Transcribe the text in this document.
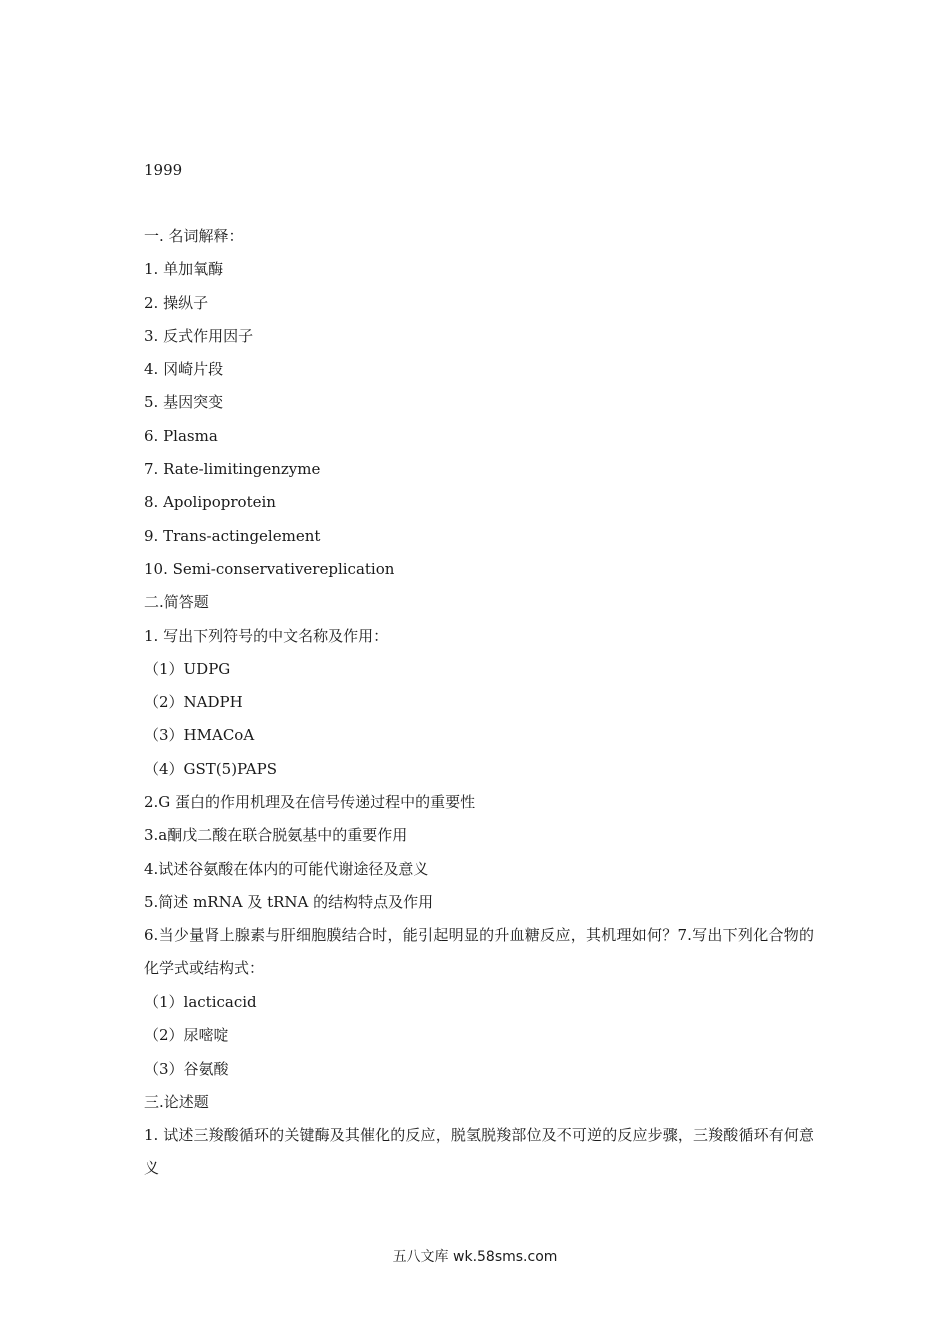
1999
一. 名词解释：
1. 单加氧酶
2. 操纵子
3. 反式作用因子
4. 冈崎片段
5. 基因突变
6. Plasma
7. Rate-limitingenzyme
8. Apolipoprotein
9. Trans-actingelement
10. Semi-conservativereplication
二.简答题
1. 写出下列符号的中文名称及作用：
（1）UDPG
（2）NADPH
（3）HMACoA
（4）GST(5)PAPS
2.G 蛋白的作用机理及在信号传递过程中的重要性
3.a酮戊二酸在联合脱氨基中的重要作用
4.试述谷氨酸在体内的可能代谢途径及意义
5.简述 mRNA 及 tRNA 的结构特点及作用
6.当少量肾上腺素与肝细胞膜结合时，能引起明显的升血糖反应，其机理如何？7.写出下列化合物的化学式或结构式：
（1）lacticacid
（2）尿嘧啶
（3）谷氨酸
三.论述题
1. 试述三羧酸循环的关键酶及其催化的反应，脱氢脱羧部位及不可逆的反应步骤，三羧酸循环有何意义
五八文库 wk.58sms.com
